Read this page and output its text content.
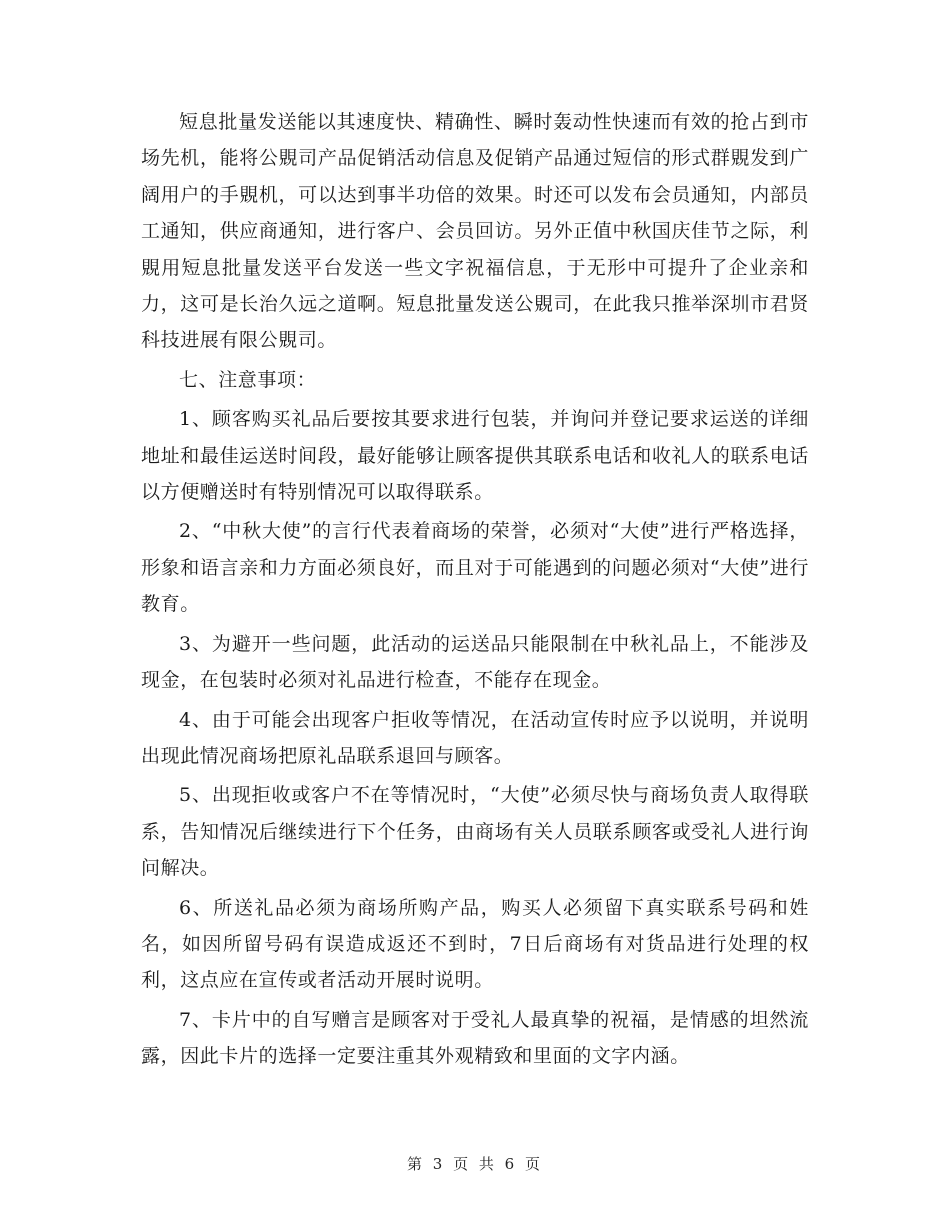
短息批量发送能以其速度快、精确性、瞬时轰动性快速而有效的抢占到市场先机，能将公覞司产品促销活动信息及促销产品通过短信的形式群覞发到广阔用户的手覞机，可以达到事半功倍的效果。时还可以发布会员通知，内部员工通知，供应商通知，进行客户、会员回访。另外正值中秋国庆佳节之际，利覞用短息批量发送平台发送一些文字祝福信息，于无形中可提升了企业亲和力，这可是长治久远之道啊。短息批量发送公覞司，在此我只推举深圳市君贤科技进展有限公覞司。

七、注意事项：

1、顾客购买礼品后要按其要求进行包装，并询问并登记要求运送的详细地址和最佳运送时间段，最好能够让顾客提供其联系电话和收礼人的联系电话以方便赠送时有特别情况可以取得联系。

2、“中秋大使”的言行代表着商场的荣誉，必须对“大使”进行严格选择，形象和语言亲和力方面必须良好，而且对于可能遇到的问题必须对“大使”进行教育。

3、为避开一些问题，此活动的运送品只能限制在中秋礼品上，不能涉及现金，在包装时必须对礼品进行检查，不能存在现金。

4、由于可能会出现客户拒收等情况，在活动宣传时应予以说明，并说明出现此情况商场把原礼品联系退回与顾客。

5、出现拒收或客户不在等情况时，“大使”必须尽快与商场负责人取得联系，告知情况后继续进行下个任务，由商场有关人员联系顾客或受礼人进行询问解决。

6、所送礼品必须为商场所购产品，购买人必须留下真实联系号码和姓名，如因所留号码有误造成返还不到时，7日后商场有对货品进行处理的权利，这点应在宣传或者活动开展时说明。

7、卡片中的自写赠言是顾客对于受礼人最真挚的祝福，是情感的坦然流露，因此卡片的选择一定要注重其外观精致和里面的文字内涵。

第 3 页 共 6 页
